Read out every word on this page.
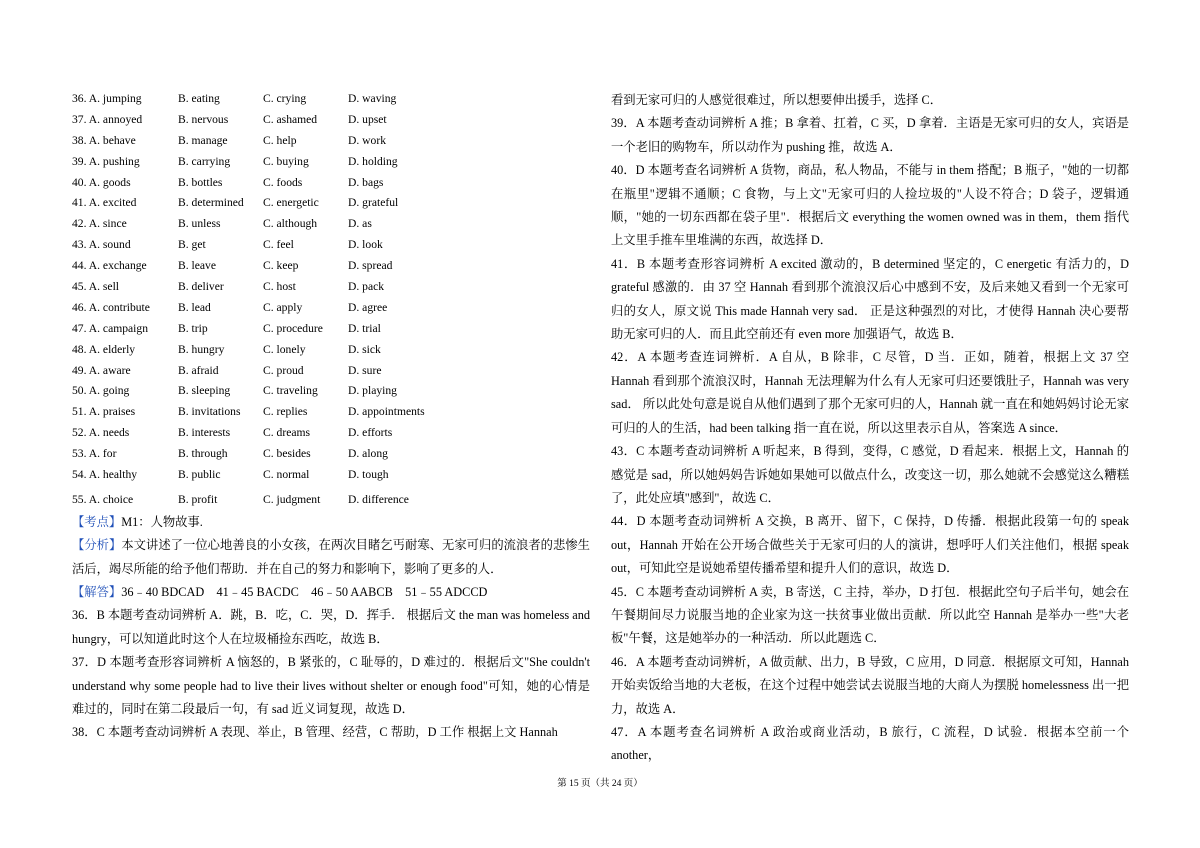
36. A. jumping	B. eating	C. crying	D. waving
37. A. annoyed	B. nervous	C. ashamed	D. upset
38. A. behave	B. manage	C. help	D. work
39. A. pushing	B. carrying	C. buying	D. holding
40. A. goods	B. bottles	C. foods	D. bags
41. A. excited	B. determined	C. energetic	D. grateful
42. A. since	B. unless	C. although	D. as
43. A. sound	B. get	C. feel	D. look
44. A. exchange	B. leave	C. keep	D. spread
45. A. sell	B. deliver	C. host	D. pack
46. A. contribute	B. lead	C. apply	D. agree
47. A. campaign	B. trip	C. procedure	D. trial
48. A. elderly	B. hungry	C. lonely	D. sick
49. A. aware	B. afraid	C. proud	D. sure
50. A. going	B. sleeping	C. traveling	D. playing
51. A. praises	B. invitations	C. replies	D. appointments
52. A. needs	B. interests	C. dreams	D. efforts
53. A. for	B. through	C. besides	D. along
54. A. healthy	B. public	C. normal	D. tough
55. A. choice	B. profit	C. judgment	D. difference

【考点】M1：人物故事.

【分析】本文讲述了一位心地善良的小女孩，在两次目睹乞丐耐寒、无家可归的流浪者的悲惨生活后，竭尽所能的给予他们帮助．并在自己的努力和影响下，影响了更多的人．

【解答】36﹣40 BDCAD    41﹣45 BACDC    46﹣50 AABCB    51﹣55 ADCCD

36．B 本题考查动词辨析 A．跳，B．吃，C．哭，D．挥手． 根据后文 the man was homeless and hungry，可以知道此时这个人在垃圾桶捡东西吃，故选 B．

37．D 本题考查形容词辨析 A 恼怒的，B 紧张的，C 耻辱的，D 难过的．根据后文"She couldn't understand why some people had to live their lives without shelter or enough food"可知，她的心情是难过的，同时在第二段最后一句，有 sad 近义词复现，故选 D．

38．C 本题考查动词辨析 A 表现、举止，B 管理、经营，C 帮助，D 工作 根据上文 Hannah

看到无家可归的人感觉很难过，所以想要伸出援手，选择 C．

39．A 本题考查动词辨析 A 推；B 拿着、扛着，C 买，D 拿着．主语是无家可归的女人，宾语是一个老旧的购物车，所以动作为 pushing 推，故选 A．

40．D 本题考查名词辨析 A 货物，商品，私人物品，不能与 in them 搭配；B 瓶子，"她的一切都在瓶里"逻辑不通顺；C 食物，与上文"无家可归的人捡垃圾的"人设不符合；D 袋子，逻辑通顺，"她的一切东西都在袋子里"．根据后文 everything the women owned was in them，them 指代上文里手推车里堆满的东西，故选择 D．

41．B 本题考查形容词辨析 A excited 激动的，B determined 坚定的，C energetic 有活力的，D grateful 感激的．由 37 空 Hannah 看到那个流浪汉后心中感到不安，及后来她又看到一个无家可归的女人，原文说 This made Hannah very sad． 正是这种强烈的对比，才使得 Hannah 决心要帮助无家可归的人．而且此空前还有 even more 加强语气，故选 B．

42．A 本题考查连词辨析．A 自从，B 除非，C 尽管，D 当．正如，随着，根据上文 37 空 Hannah 看到那个流浪汉时，Hannah 无法理解为什么有人无家可归还要饿肚子，Hannah was very sad． 所以此处句意是说自从他们遇到了那个无家可归的人，Hannah 就一直在和她妈妈讨论无家可归的人的生活，had been talking 指一直在说，所以这里表示自从，答案选 A since．

43．C 本题考查动词辨析 A 听起来，B 得到，变得，C 感觉，D 看起来．根据上文，Hannah 的感觉是 sad，所以她妈妈告诉她如果她可以做点什么，改变这一切，那么她就不会感觉这么糟糕了，此处应填"感到"，故选 C．

44．D 本题考查动词辨析 A 交换，B 离开、留下，C 保持，D 传播．根据此段第一句的 speak out，Hannah 开始在公开场合做些关于无家可归的人的演讲，想呼吁人们关注他们，根据 speak out，可知此空是说她希望传播希望和提升人们的意识，故选 D．

45．C 本题考查动词辨析 A 卖，B 寄送，C 主持，举办，D 打包．根据此空句子后半句，她会在午餐期间尽力说服当地的企业家为这一扶贫事业做出贡献．所以此空 Hannah 是举办一些"大老板"午餐，这是她举办的一种活动．所以此题选 C．

46．A 本题考查动词辨析，A 做贡献、出力，B 导致，C 应用，D 同意．根据原文可知，Hannah 开始卖饭给当地的大老板，在这个过程中她尝试去说服当地的大商人为摆脱 homelessness 出一把力，故选 A．

47．A 本题考查名词辨析 A 政治或商业活动，B 旅行，C 流程，D 试验．根据本空前一个 another，

第 15 页（共 24 页）
